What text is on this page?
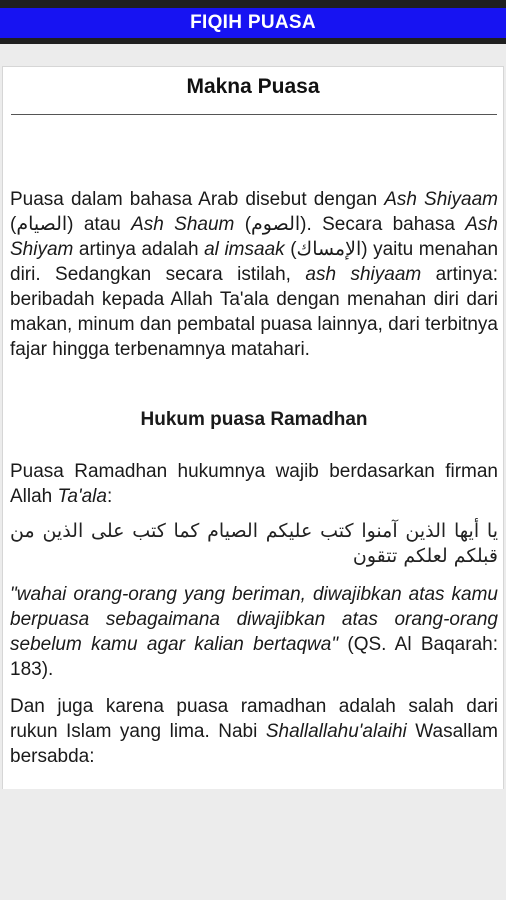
FIQIH PUASA
Makna Puasa

Puasa dalam bahasa Arab disebut dengan Ash Shiyaam (الصيام) atau Ash Shaum (الصوم). Secara bahasa Ash Shiyam artinya adalah al imsaak (الإمساك) yaitu menahan diri. Sedangkan secara istilah, ash shiyaam artinya: beribadah kepada Allah Ta'ala dengan menahan diri dari makan, minum dan pembatal puasa lainnya, dari terbitnya fajar hingga terbenamnya matahari.

Hukum puasa Ramadhan

Puasa Ramadhan hukumnya wajib berdasarkan firman Allah Ta'ala:

يا أيها الذين آمنوا كتب عليكم الصيام كما كتب على الذين من قبلكم لعلكم تتقون

"wahai orang-orang yang beriman, diwajibkan atas kamu berpuasa sebagaimana diwajibkan atas orang-orang sebelum kamu agar kalian bertaqwa" (QS. Al Baqarah: 183).

Dan juga karena puasa ramadhan adalah salah dari rukun Islam yang lima. Nabi Shallallahu'alaihi Wasallam bersabda:
